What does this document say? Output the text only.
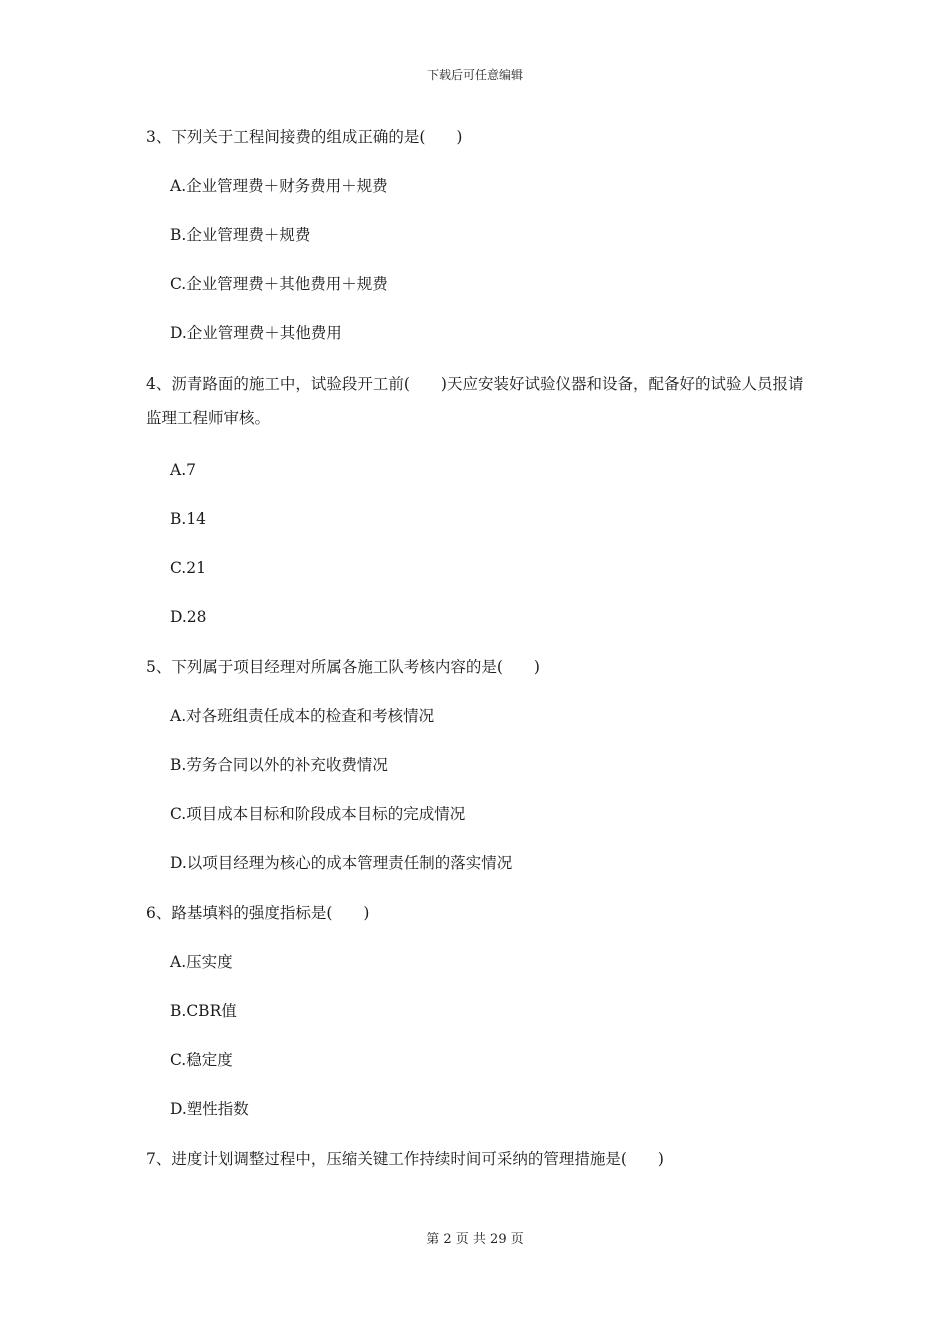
下载后可任意编辑
3、下列关于工程间接费的组成正确的是(　　)
A.企业管理费＋财务费用＋规费
B.企业管理费＋规费
C.企业管理费＋其他费用＋规费
D.企业管理费＋其他费用
4、沥青路面的施工中，试验段开工前(　　)天应安装好试验仪器和设备，配备好的试验人员报请监理工程师审核。
A.7
B.14
C.21
D.28
5、下列属于项目经理对所属各施工队考核内容的是(　　)
A.对各班组责任成本的检查和考核情况
B.劳务合同以外的补充收费情况
C.项目成本目标和阶段成本目标的完成情况
D.以项目经理为核心的成本管理责任制的落实情况
6、路基填料的强度指标是(　　)
A.压实度
B.CBR值
C.稳定度
D.塑性指数
7、进度计划调整过程中，压缩关键工作持续时间可采纳的管理措施是(　　)
第 2 页 共 29 页
